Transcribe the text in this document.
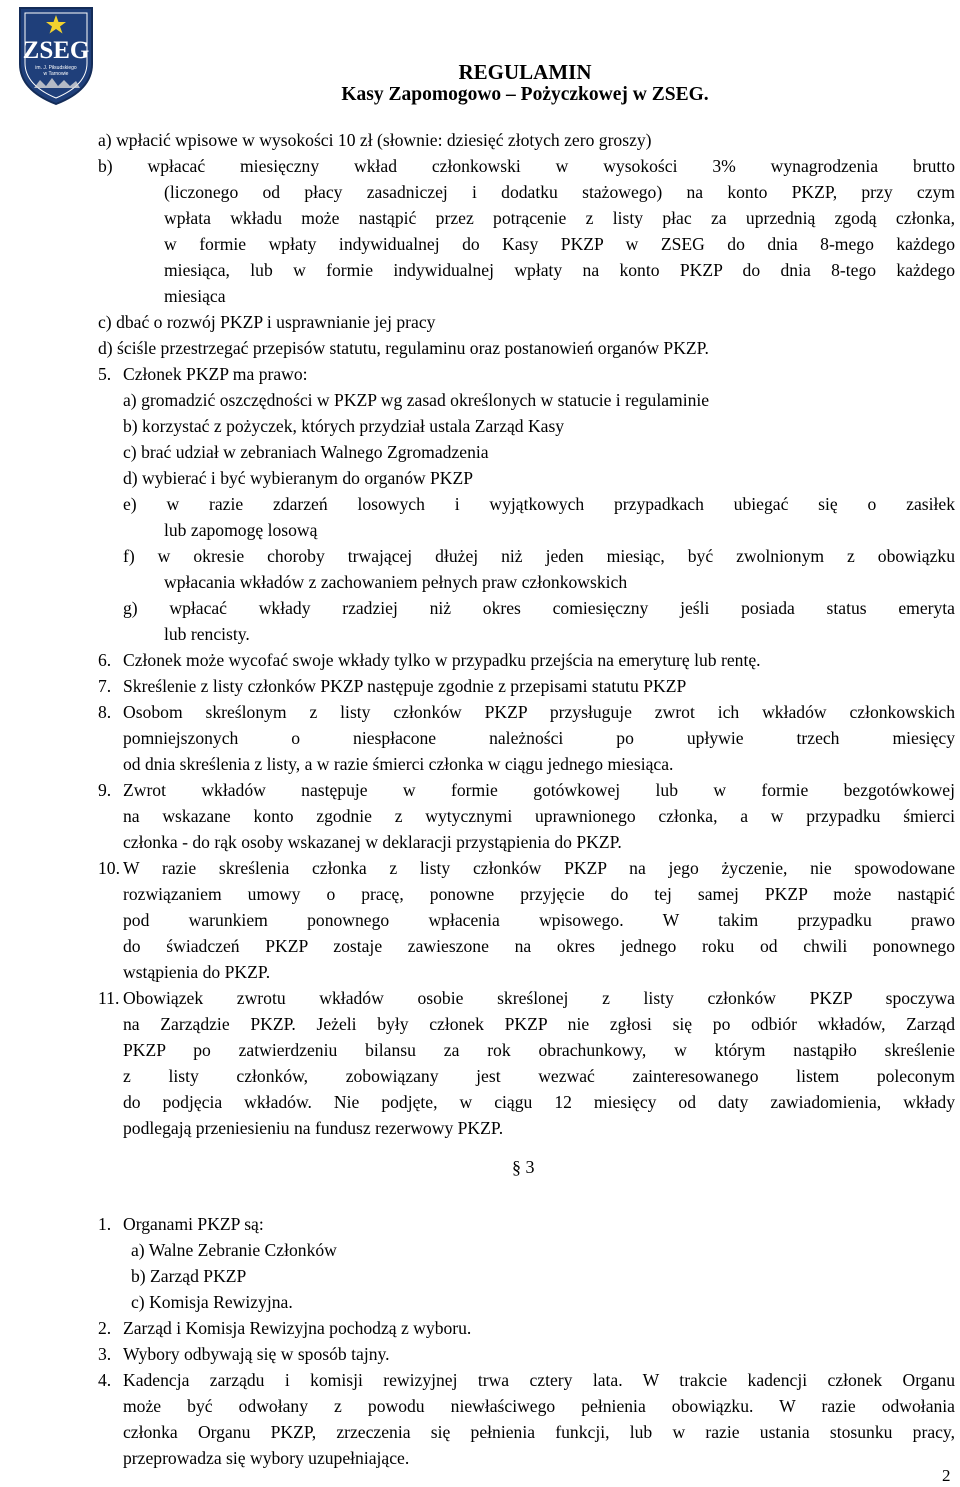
ZSEG
im. J. Piłsudskiego
w Tarnowie	REGULAMIN
Kasy Zapomogowo – Pożyczkowej w ZSEG.
a) wpłacić wpisowe w wysokości 10 zł (słownie: dziesięć złotych zero groszy)
b) wpłacać miesięczny wkład członkowski w wysokości 3% wynagrodzenia brutto
(liczonego od płacy zasadniczej i dodatku stażowego) na konto PKZP, przy czym
wpłata wkładu może nastąpić przez potrącenie z listy płac za uprzednią zgodą członka,
w formie wpłaty indywidualnej do Kasy PKZP w ZSEG do dnia 8-mego każdego
miesiąca, lub w formie indywidualnej wpłaty na konto PKZP do dnia 8-tego każdego
miesiąca
c) dbać o rozwój PKZP i usprawnianie jej pracy
d) ściśle przestrzegać przepisów statutu, regulaminu oraz postanowień organów PKZP.
5. Członek PKZP ma prawo:
a) gromadzić oszczędności w PKZP wg zasad określonych w statucie i regulaminie
b) korzystać z pożyczek, których przydział ustala Zarząd Kasy
c) brać udział w zebraniach Walnego Zgromadzenia
d) wybierać i być wybieranym do organów PKZP
e) w razie zdarzeń losowych i wyjątkowych przypadkach ubiegać się o zasiłek
lub zapomogę losową
f) w okresie choroby trwającej dłużej niż jeden miesiąc, być zwolnionym z obowiązku
wpłacania wkładów z zachowaniem pełnych praw członkowskich
g) wpłacać wkłady rzadziej niż okres comiesięczny jeśli posiada status emeryta
lub rencisty.
6. Członek może wycofać swoje wkłady tylko w przypadku przejścia na emeryturę lub rentę.
7. Skreślenie z listy członków PKZP następuje zgodnie z przepisami statutu PKZP
8. Osobom skreślonym z listy członków PKZP przysługuje zwrot ich wkładów członkowskich
pomniejszonych o niespłacone należności po upływie trzech miesięcy
od dnia skreślenia z listy, a w razie śmierci członka w ciągu jednego miesiąca.
9. Zwrot wkładów następuje w formie gotówkowej lub w formie bezgotówkowej
na wskazane konto zgodnie z wytycznymi uprawnionego członka, a w przypadku śmierci
członka - do rąk osoby wskazanej w deklaracji przystąpienia do PKZP.
10. W razie skreślenia członka z listy członków PKZP na jego życzenie, nie spowodowane
rozwiązaniem umowy o pracę, ponowne przyjęcie do tej samej PKZP może nastąpić
pod warunkiem ponownego wpłacenia wpisowego. W takim przypadku prawo
do świadczeń PKZP zostaje zawieszone na okres jednego roku od chwili ponownego
wstąpienia do PKZP.
11. Obowiązek zwrotu wkładów osobie skreślonej z listy członków PKZP spoczywa
na Zarządzie PKZP. Jeżeli były członek PKZP nie zgłosi się po odbiór wkładów, Zarząd
PKZP po zatwierdzeniu bilansu za rok obrachunkowy, w którym nastąpiło skreślenie
z listy członków, zobowiązany jest wezwać zainteresowanego listem poleconym
do podjęcia wkładów. Nie podjęte, w ciągu 12 miesięcy od daty zawiadomienia, wkłady
podlegają przeniesieniu na fundusz rezerwowy PKZP.
§ 3
1. Organami PKZP są:
a) Walne Zebranie Członków
b) Zarząd PKZP
c) Komisja Rewizyjna.
2. Zarząd i Komisja Rewizyjna pochodzą z wyboru.
3. Wybory odbywają się w sposób tajny.
4. Kadencja zarządu i komisji rewizyjnej trwa cztery lata. W trakcie kadencji członek Organu
może być odwołany z powodu niewłaściwego pełnienia obowiązku. W razie odwołania
członka Organu PKZP, zrzeczenia się pełnienia funkcji, lub w razie ustania stosunku pracy,
przeprowadza się wybory uzupełniające.
2
